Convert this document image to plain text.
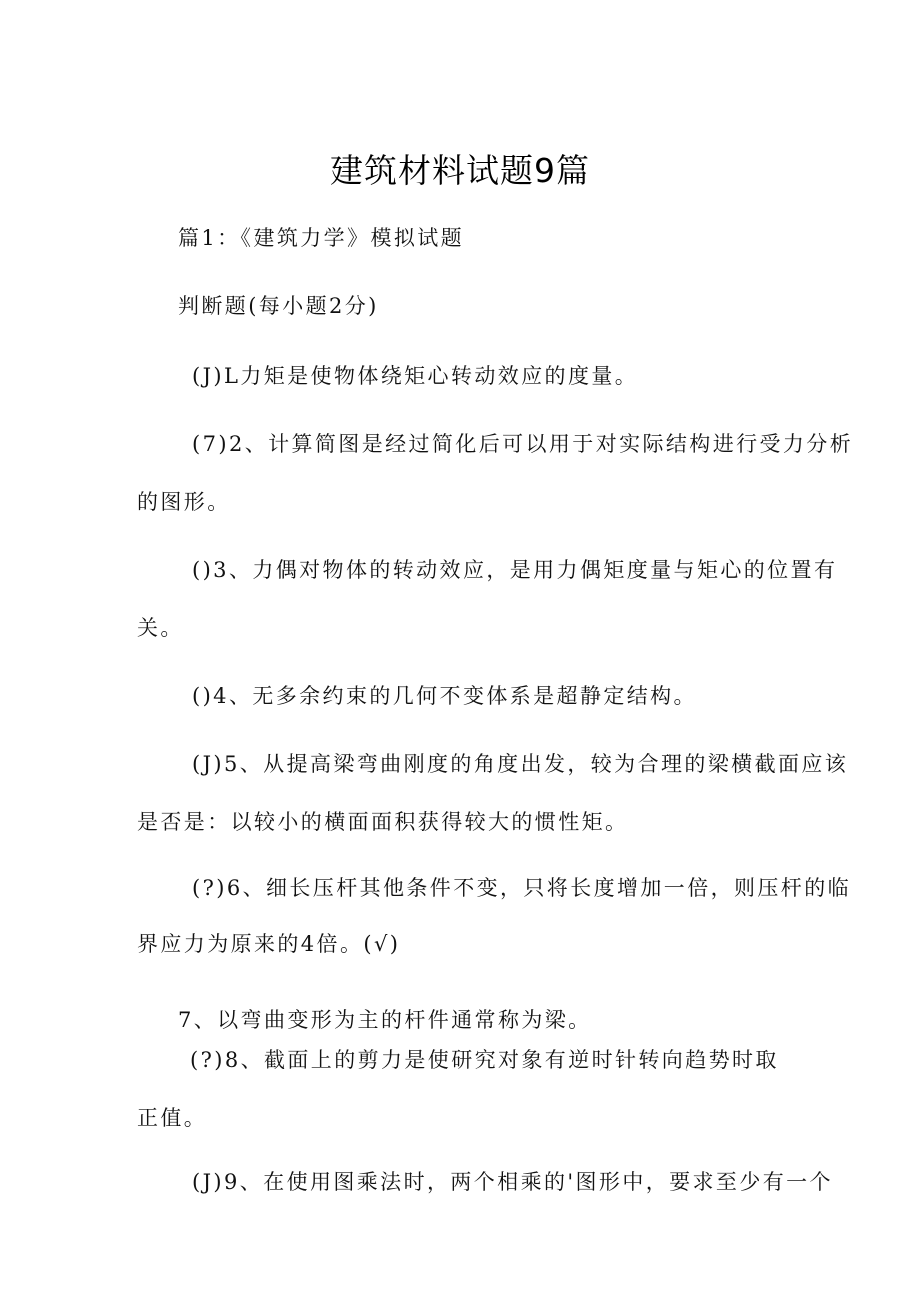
建筑材料试题9篇
篇1：《建筑力学》模拟试题
判断题(每小题2分)
(J)L力矩是使物体绕矩心转动效应的度量。
(7)2、计算简图是经过简化后可以用于对实际结构进行受力分析
的图形。
()3、力偶对物体的转动效应，是用力偶矩度量与矩心的位置有
关。
()4、无多余约束的几何不变体系是超静定结构。
(J)5、从提高梁弯曲刚度的角度出发，较为合理的梁横截面应该
是否是：以较小的横面面积获得较大的惯性矩。
(?)6、细长压杆其他条件不变，只将长度增加一倍，则压杆的临
界应力为原来的4倍。(√)
7、以弯曲变形为主的杆件通常称为梁。
(?)8、截面上的剪力是使研究对象有逆时针转向趋势时取
正值。
(J)9、在使用图乘法时，两个相乘的'图形中，要求至少有一个
